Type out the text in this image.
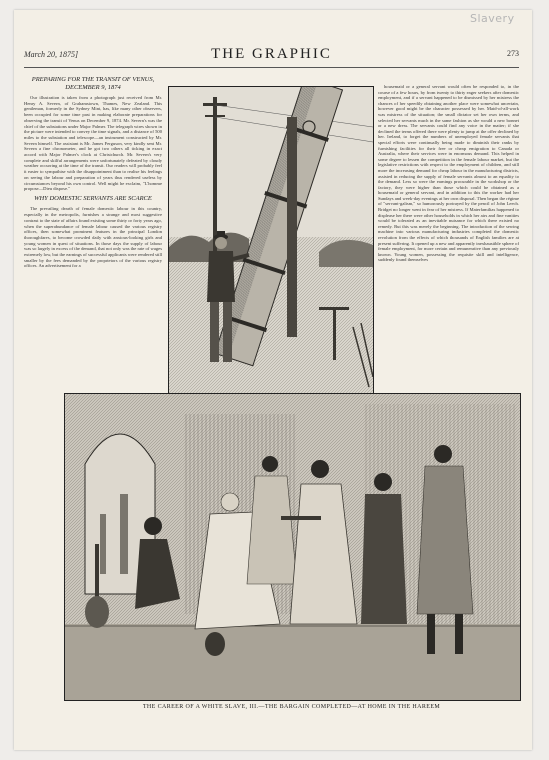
Slavery
March 20, 1875]	THE GRAPHIC	273
PREPARING FOR THE TRANSIT OF VENUS, DECEMBER 9, 1874

Our illustration is taken from a photograph just received from Mr. Henry A. Severn, of Grahamstown, Thames, New Zealand. This gentleman, formerly in the Sydney Mint, has, like many other observers, been occupied for some time past in making elaborate preparations for observing the transit of Venus on December 9, 1874. Mr. Severn's was the chief of the substations under Major Palmer. The telegraph wires shown in the picture were intended to convey the time signals, and a distance of 500 miles to the substation and telescope—an instrument constructed by Mr. Severn himself. The assistant is Mr. James Ferguson, very kindly sent Mr. Severn a fine chronometer, and he got two others all ticking in exact accord with Major Palmer's clock at Christchurch. Mr. Severn's very complete and skilful arrangements were unfortunately defeated by cloudy weather occurring at the time of the transit. Our readers will probably feel it easier to sympathise with the disappointment than to realise his feelings on seeing the labour and preparation of years thus rendered useless by circumstances beyond his own control. Well might he exclaim, "L'homme propose—Dieu dispose."

WHY DOMESTIC SERVANTS ARE SCARCE

The prevailing dearth of female domestic labour in this country, especially in the metropolis, furnishes a strange and most suggestive contrast to the state of affairs found existing some thirty or forty years ago, when the superabundance of female labour caused the various registry offices, then somewhat prominent features in the principal London thoroughfares, to become crowded daily with anxious-looking girls and young women in quest of situations. In those days the supply of labour was so largely in excess of the demand, that not only was the rate of wages extremely low, but the earnings of successful applicants were rendered still smaller by the fees demanded by the proprietors of the various registry offices. An advertisement for a

housemaid or a general servant would often be responded to, in the course of a few hours, by from twenty to thirty eager seekers after domestic employment, and if a servant happened to be dismissed by her mistress the chances of her speedily obtaining another place were somewhat uncertain, however good might be the character possessed by her. Maid-of-all-work was mistress of the situation; the small dictator set her own terms, and selected her servants much in the same fashion as she would a new bonnet or a new dress. The servants could find any voice in the matter; if she declined the terms offered there were plenty to jump at the offer declined by her. Ireland, to forget the numbers of unemployed female servants that special efforts were continually being made to diminish their ranks by furnishing facilities for their free or cheap emigration to Canada or Australia, where their services were in enormous demand. This helped in some degree to lessen the competition in the female labour market, but the legislative restrictions with respect to the employment of children, and still more the increasing demand for cheap labour in the manufacturing districts, assisted in reducing the supply of female servants almost to an equality to the demand. Less so were the earnings procurable in the workshop or the factory, they were higher than those which could be obtained as a housemaid or general servant, and in addition to this the worker had her Sundays and week-day evenings at her own disposal. Then began the régime of "servant-galism," so humorously portrayed by the pencil of John Leech. Bridget no longer went in fear of her mistress. If Materfamilias happened to displease her there were other households in which her airs and fine vanities would be tolerated as an inevitable nuisance for which there existed no remedy. But this was merely the beginning. The introduction of the sewing machine into various manufacturing industries completed the domestic revolution from the effects of which thousands of English families are at present suffering. It opened up a new and apparently inexhaustible sphere of female employment, for more certain and remunerative than any previously known. Young women, possessing the requisite skill and intelligence, suddenly found themselves

THE CAREER OF A WHITE SLAVE, III.—THE BARGAIN COMPLETED—AT HOME IN THE HAREEM
